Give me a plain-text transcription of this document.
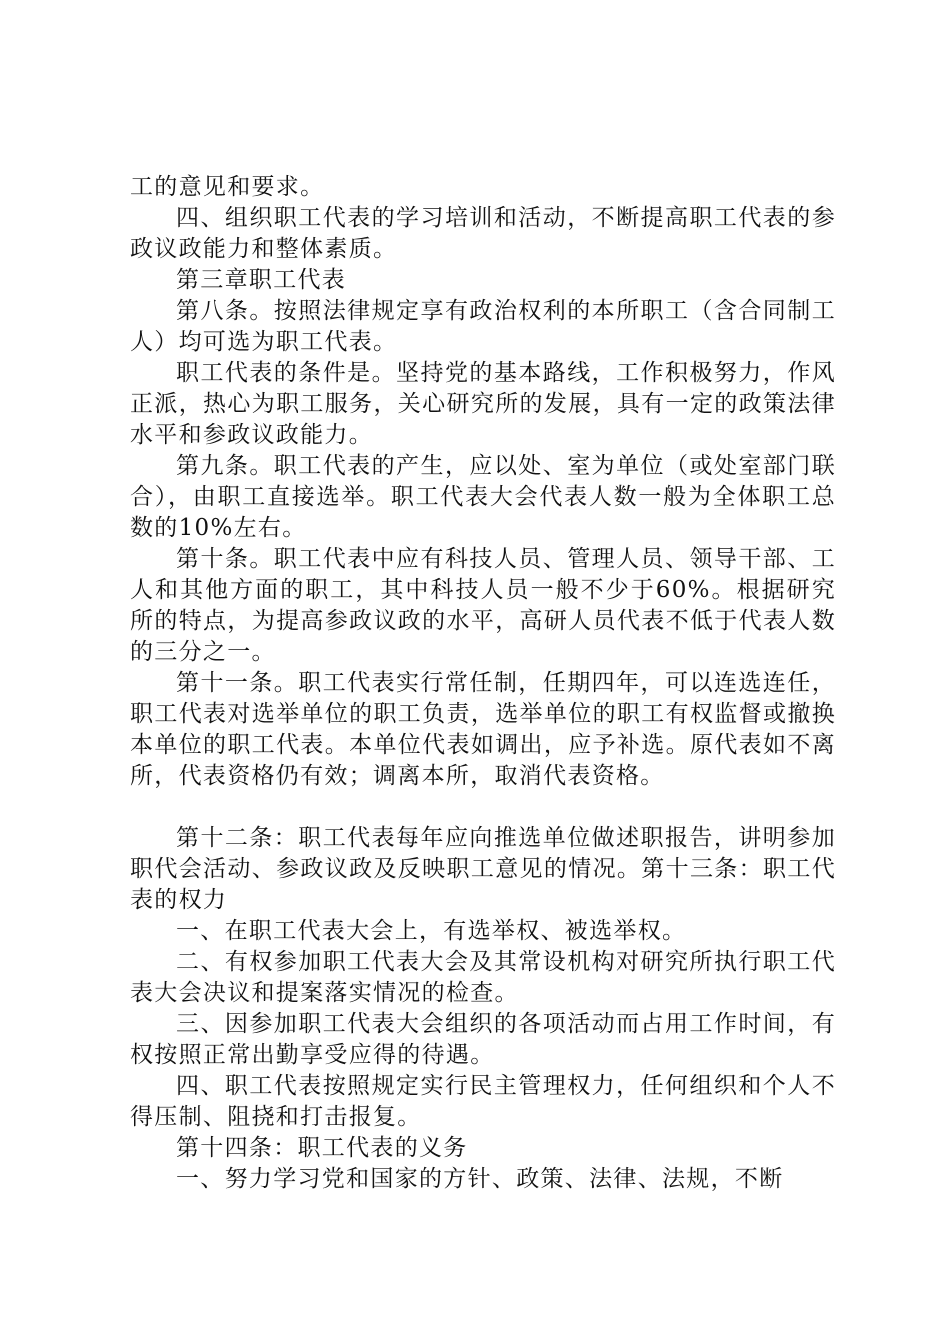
工的意见和要求。

四、组织职工代表的学习培训和活动，不断提高职工代表的参政议政能力和整体素质。

第三章职工代表

第八条。按照法律规定享有政治权利的本所职工（含合同制工人）均可选为职工代表。

职工代表的条件是。坚持党的基本路线，工作积极努力，作风正派，热心为职工服务，关心研究所的发展，具有一定的政策法律水平和参政议政能力。

第九条。职工代表的产生，应以处、室为单位（或处室部门联合），由职工直接选举。职工代表大会代表人数一般为全体职工总数的10%左右。

第十条。职工代表中应有科技人员、管理人员、领导干部、工人和其他方面的职工，其中科技人员一般不少于60%。根据研究所的特点，为提高参政议政的水平，高研人员代表不低于代表人数的三分之一。

第十一条。职工代表实行常任制，任期四年，可以连选连任，职工代表对选举单位的职工负责，选举单位的职工有权监督或撤换本单位的职工代表。本单位代表如调出，应予补选。原代表如不离所，代表资格仍有效；调离本所，取消代表资格。

第十二条：职工代表每年应向推选单位做述职报告，讲明参加职代会活动、参政议政及反映职工意见的情况。第十三条：职工代表的权力

一、在职工代表大会上，有选举权、被选举权。

二、有权参加职工代表大会及其常设机构对研究所执行职工代表大会决议和提案落实情况的检查。

三、因参加职工代表大会组织的各项活动而占用工作时间，有权按照正常出勤享受应得的待遇。

四、职工代表按照规定实行民主管理权力，任何组织和个人不得压制、阻挠和打击报复。

第十四条：职工代表的义务

一、努力学习党和国家的方针、政策、法律、法规，不断
